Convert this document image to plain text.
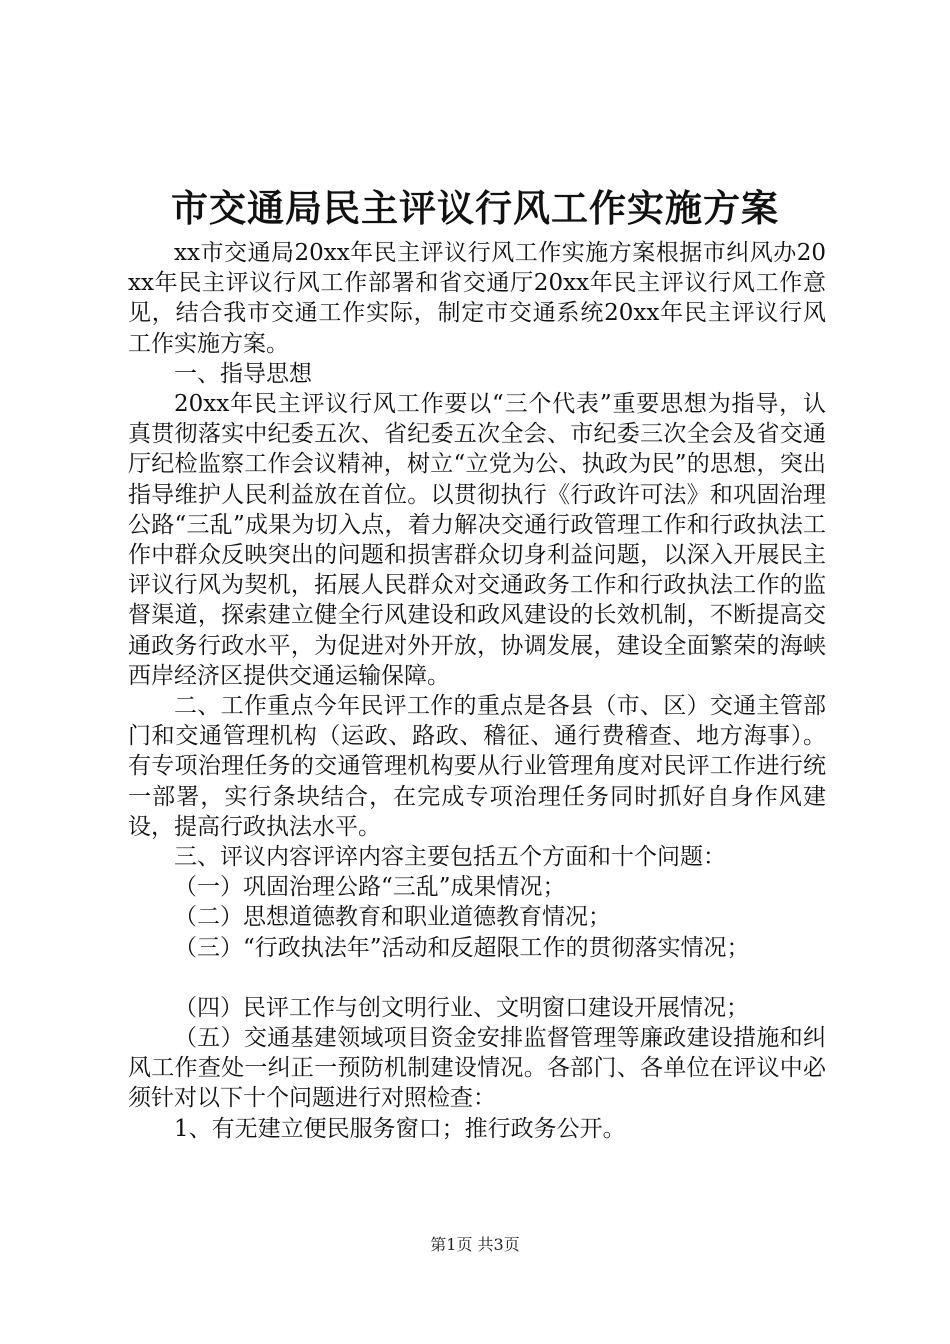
市交通局民主评议行风工作实施方案

xx市交通局20xx年民主评议行风工作实施方案根据市纠风办20xx年民主评议行风工作部署和省交通厅20xx年民主评议行风工作意见，结合我市交通工作实际，制定市交通系统20xx年民主评议行风工作实施方案。

一、指导思想

20xx年民主评议行风工作要以“三个代表”重要思想为指导，认真贯彻落实中纪委五次、省纪委五次全会、市纪委三次全会及省交通厅纪检监察工作会议精神，树立“立党为公、执政为民”的思想，突出指导维护人民利益放在首位。以贯彻执行《行政许可法》和巩固治理公路“三乱”成果为切入点，着力解决交通行政管理工作和行政执法工作中群众反映突出的问题和损害群众切身利益问题，以深入开展民主评议行风为契机，拓展人民群众对交通政务工作和行政执法工作的监督渠道，探索建立健全行风建设和政风建设的长效机制，不断提高交通政务行政水平，为促进对外开放，协调发展，建设全面繁荣的海峡西岸经济区提供交通运输保障。

二、工作重点今年民评工作的重点是各县（市、区）交通主管部门和交通管理机构（运政、路政、稽征、通行费稽查、地方海事）。有专项治理任务的交通管理机构要从行业管理角度对民评工作进行统一部署，实行条块结合，在完成专项治理任务同时抓好自身作风建设，提高行政执法水平。

三、评议内容评谇内容主要包括五个方面和十个问题：

（一）巩固治理公路“三乱”成果情况；

（二）思想道德教育和职业道德教育情况；

（三）“行政执法年”活动和反超限工作的贯彻落实情况；

（四）民评工作与创文明行业、文明窗口建设开展情况；

（五）交通基建领域项目资金安排监督管理等廉政建设措施和纠风工作查处一纠正一预防机制建设情况。各部门、各单位在评议中必须针对以下十个问题进行对照检查：

1、有无建立便民服务窗口；推行政务公开。

第1页 共3页
